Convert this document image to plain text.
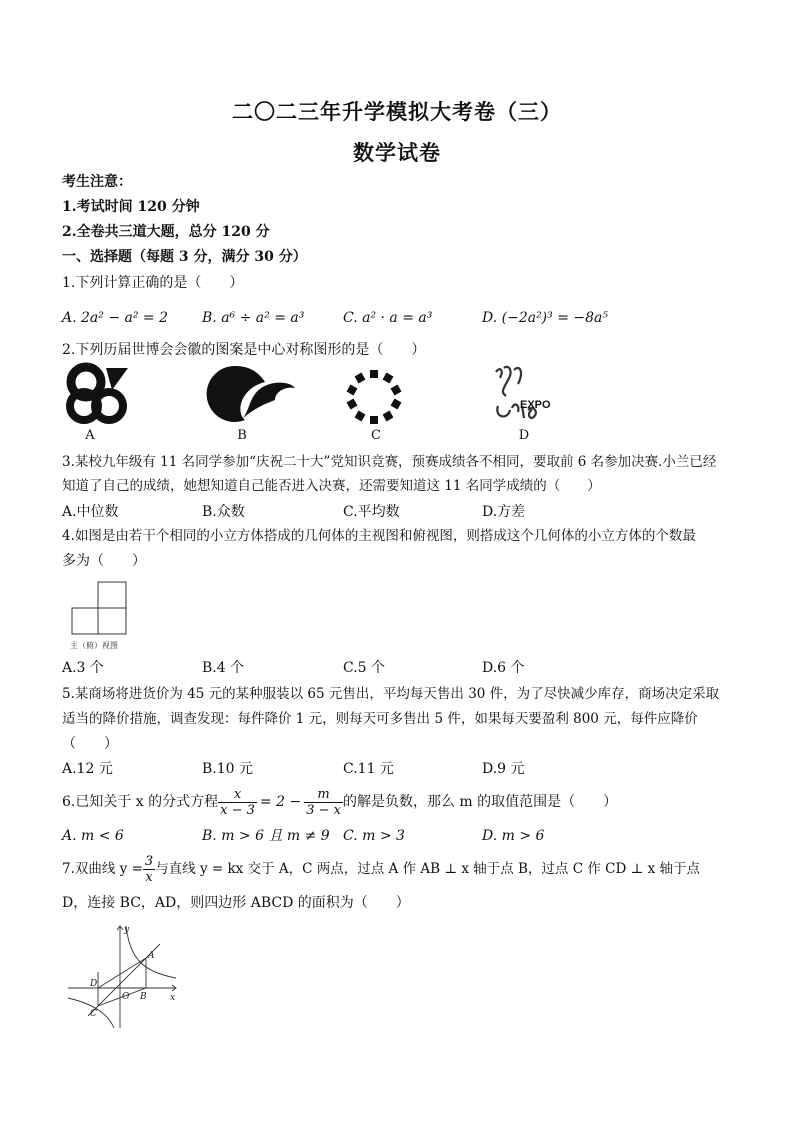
二〇二三年升学模拟大考卷（三）
数学试卷
考生注意：
1.考试时间 120 分钟
2.全卷共三道大题，总分 120 分
一、选择题（每题 3 分，满分 30 分）
1.下列计算正确的是（　　）
A. 2a² − a² = 2 B. a⁶ ÷ a² = a³	C. a² · a = a³	D. (−2a²)³ = −8a⁵
2.下列历届世博会会徽的图案是中心对称图形的是（　　）
EXPO
A	B	C	D
3.某校九年级有 11 名同学参加“庆祝二十大”党知识竞赛，预赛成绩各不相同，要取前 6 名参加决赛.小兰已经
知道了自己的成绩，她想知道自己能否进入决赛，还需要知道这 11 名同学成绩的（　　）
A.中位数	B.众数	C.平均数	D.方差
4.如图是由若干个相同的小立方体搭成的几何体的主视图和俯视图，则搭成这个几何体的小立方体的个数最
多为（　　）
主（俯）视图
A.3 个	B.4 个	C.5 个	D.6 个
5.某商场将进货价为 45 元的某种服装以 65 元售出，平均每天售出 30 件，为了尽快减少库存，商场决定采取
适当的降价措施，调查发现：每件降价 1 元，则每天可多售出 5 件，如果每天要盈利 800 元，每件应降价
（　　）
A.12 元	B.10 元	C.11 元	D.9 元
6.已知关于 x 的分式方程 $\frac{x}{x - 3} = 2 - \frac{m}{3 - x}$ 的解是负数，那么 m 的取值范围是（　　）
A. m < 6	B. m > 6 且 m ≠ 9 C. m > 3	D. m > 6
7.双曲线 $y = \frac{3}{x}$ 与直线 y = kx 交于 A，C 两点，过点 A 作 AB ⊥ x 轴于点 B，过点 C 作 CD ⊥ x 轴于点
D，连接 BC，AD，则四边形 ABCD 的面积为（　　）
y
x
A
B
C
D
O
